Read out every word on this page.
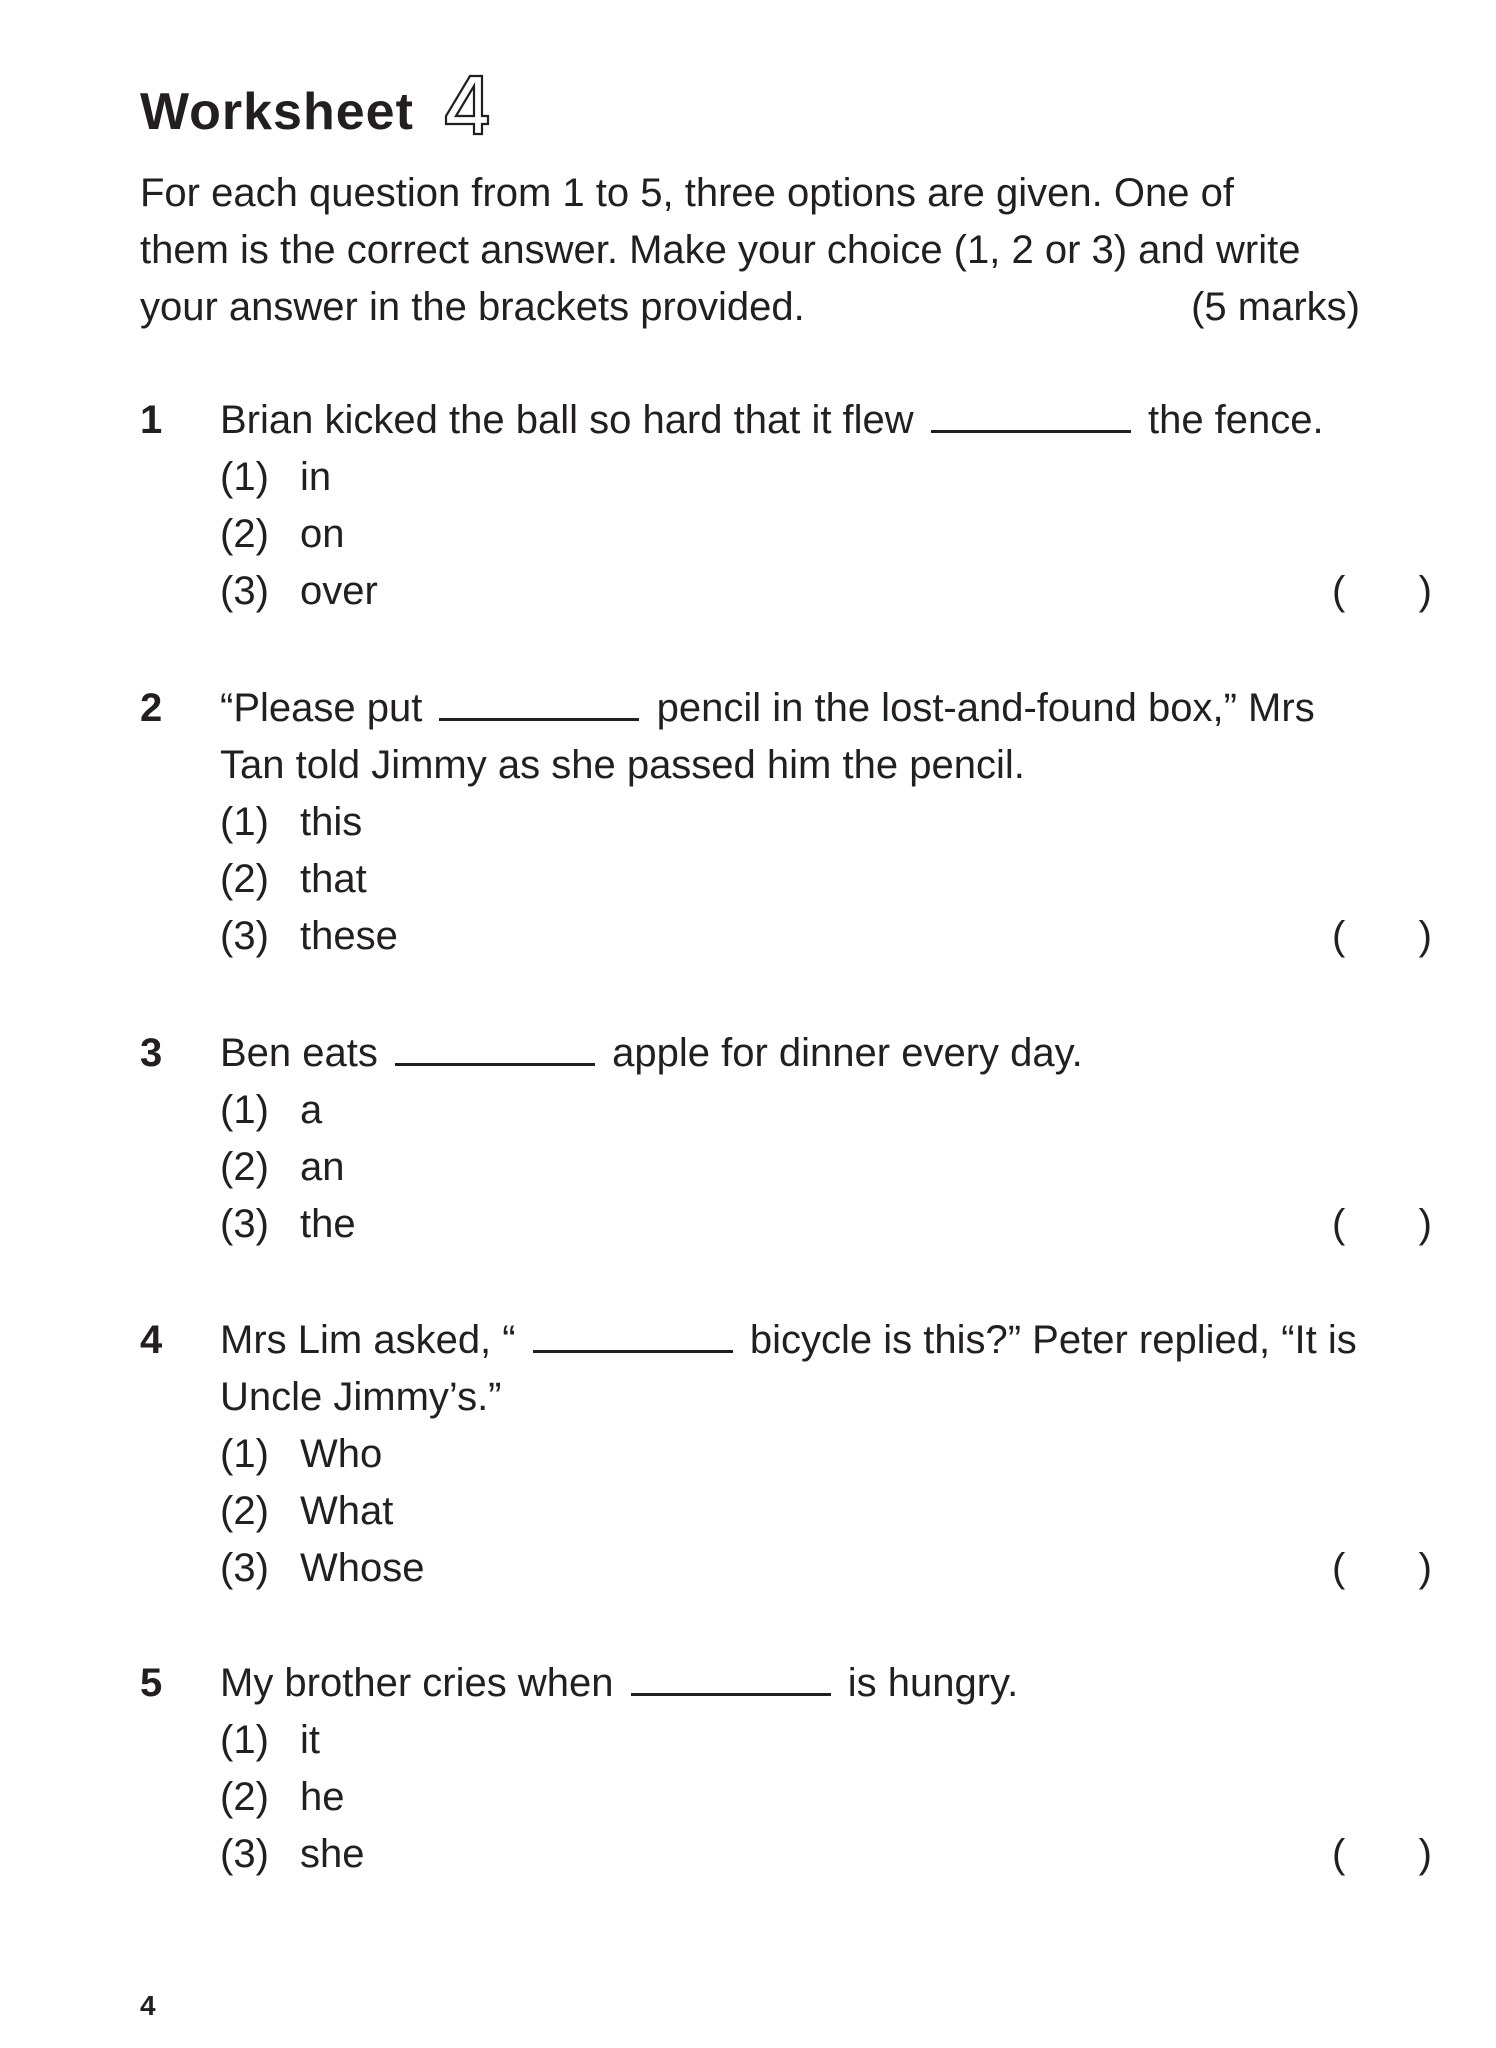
Worksheet
For each question from 1 to 5, three options are given. One of
them is the correct answer. Make your choice (1, 2 or 3) and write
your answer in the brackets provided.	(5 marks)
1 Brian kicked the ball so hard that it flew	the fence.
(1) in
(2) on
(3) over	( )
2 “Please put	pencil in the lost-and-found box,” Mrs Tan told Jimmy as she passed him the pencil.
(1) this
(2) that
(3) these	( )
3 Ben eats	apple for dinner every day.
(1) a
(2) an
(3) the	( )
4 Mrs Lim asked, “	bicycle is this?” Peter replied, “It is Uncle Jimmy’s.”
(1) Who
(2) What
(3) Whose	( )
5 My brother cries when	is hungry.
(1) it
(2) he
(3) she	( )
4
